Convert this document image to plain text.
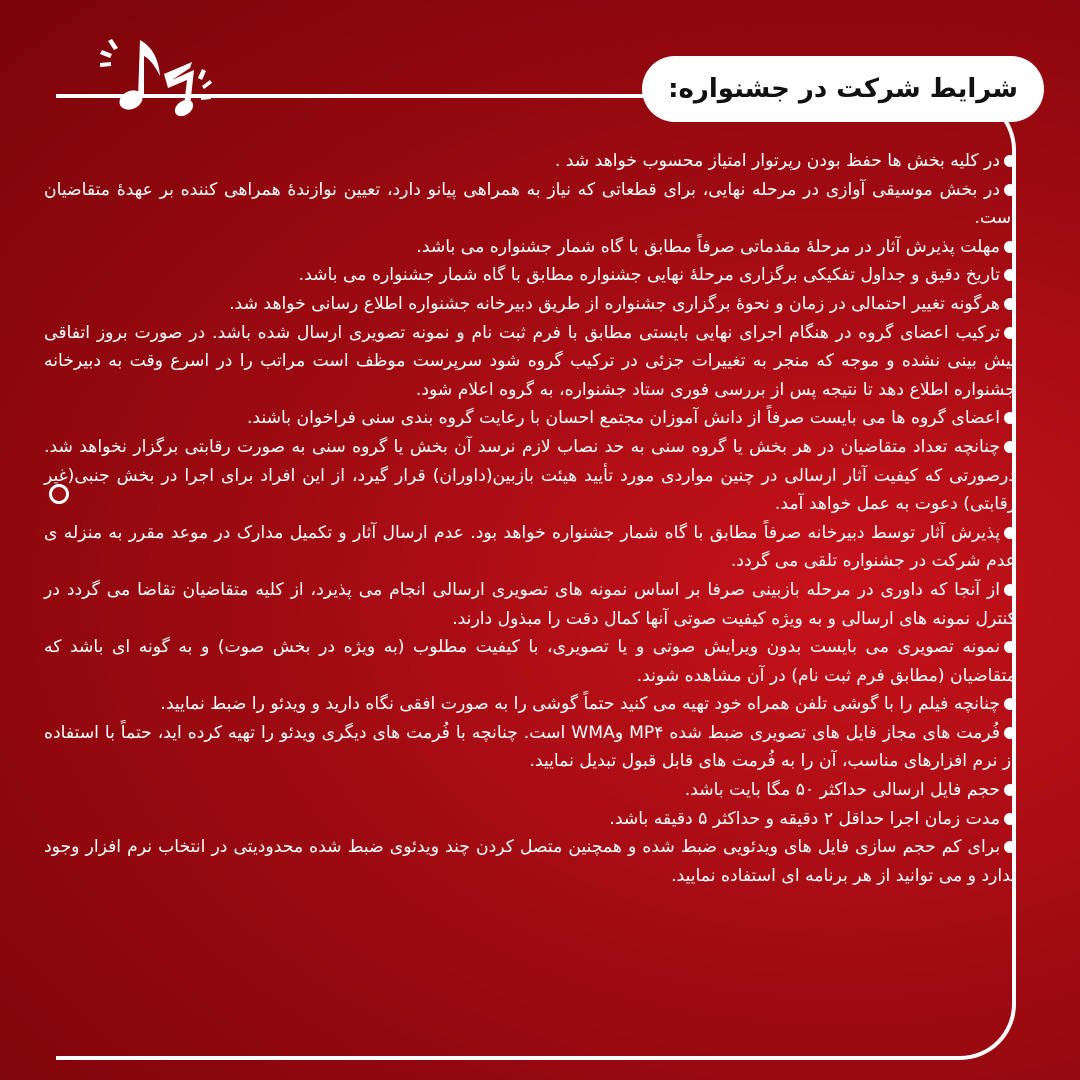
شرایط شرکت در جشنواره:

در کلیه بخش ها حفظ بودن رپرتوار امتیاز محسوب خواهد شد .

در بخش موسیقی آوازی در مرحله نهایی، برای قطعاتی که نیاز به همراهی پیانو دارد، تعیین نوازندهٔ همراهی کننده بر عهدهٔ متقاضیان است.

مهلت پذیرش آثار در مرحلهٔ مقدماتی صرفاً مطابق با گاه شمار جشنواره می باشد.

تاریخ دقیق و جداول تفکیکی برگزاری مرحلهٔ نهایی جشنواره مطابق با گاه شمار جشنواره می باشد.

هرگونه تغییر احتمالی در زمان و نحوهٔ برگزاری جشنواره از طریق دبیرخانه جشنواره اطلاع رسانی خواهد شد.

ترکیب اعضای گروه در هنگام اجرای نهایی بایستی مطابق با فرم ثبت نام و نمونه تصویری ارسال شده باشد. در صورت بروز اتفاقی پیش بینی نشده و موجه که منجر به تغییرات جزئی در ترکیب گروه شود سرپرست موظف است مراتب را در اسرع وقت به دبیرخانه جشنواره اطلاع دهد تا نتیجه پس از بررسی فوری ستاد جشنواره، به گروه اعلام شود.

اعضای گروه ها می بایست صرفاً از دانش آموزان مجتمع احسان با رعایت گروه بندی سنی فراخوان باشند.

چنانچه تعداد متقاضیان در هر بخش یا گروه سنی به حد نصاب لازم نرسد آن بخش یا گروه سنی به صورت رقابتی برگزار نخواهد شد. درصورتی که کیفیت آثار ارسالی در چنین مواردی مورد تأیید هیئت بازبین(داوران) قرار گیرد، از این افراد برای اجرا در بخش جنبی(غیر رقابتی) دعوت به عمل خواهد آمد.

پذیرش آثار توسط دبیرخانه صرفاً مطابق با گاه شمار جشنواره خواهد بود. عدم ارسال آثار و تکمیل مدارک در موعد مقرر به منزله ی عدم شرکت در جشنواره تلقی می گردد.

از آنجا که داوری در مرحله بازبینی صرفا بر اساس نمونه های تصویری ارسالی انجام می پذیرد، از کلیه متقاضیان تقاضا می گردد در کنترل نمونه های ارسالی و به ویژه کیفیت صوتی آنها کمال دقت را مبذول دارند.

نمونه تصویری می بایست بدون ویرایش صوتی و یا تصویری، با کیفیت مطلوب (به ویژه در بخش صوت) و به گونه ای باشد که متقاضیان (مطابق فرم ثبت نام) در آن مشاهده شوند.

چنانچه فیلم را با گوشی تلفن همراه خود تهیه می کنید حتماً گوشی را به صورت افقی نگاه دارید و ویدئو را ضبط نمایید.

فُرمت های مجاز فایل های تصویری ضبط شده MP۴ وWMA است. چنانچه با فُرمت های دیگری ویدئو را تهیه کرده اید، حتماً با استفاده از نرم افزارهای مناسب، آن را به فُرمت های قابل قبول تبدیل نمایید.

حجم فایل ارسالی حداکثر ۵۰ مگا بایت باشد.

مدت زمان اجرا حداقل ۲ دقیقه و حداکثر ۵ دقیقه باشد.

برای کم حجم سازی فایل های ویدئویی ضبط شده و همچنین متصل کردن چند ویدئوی ضبط شده محدودیتی در انتخاب نرم افزار وجود ندارد و می توانید از هر برنامه ای استفاده نمایید.
